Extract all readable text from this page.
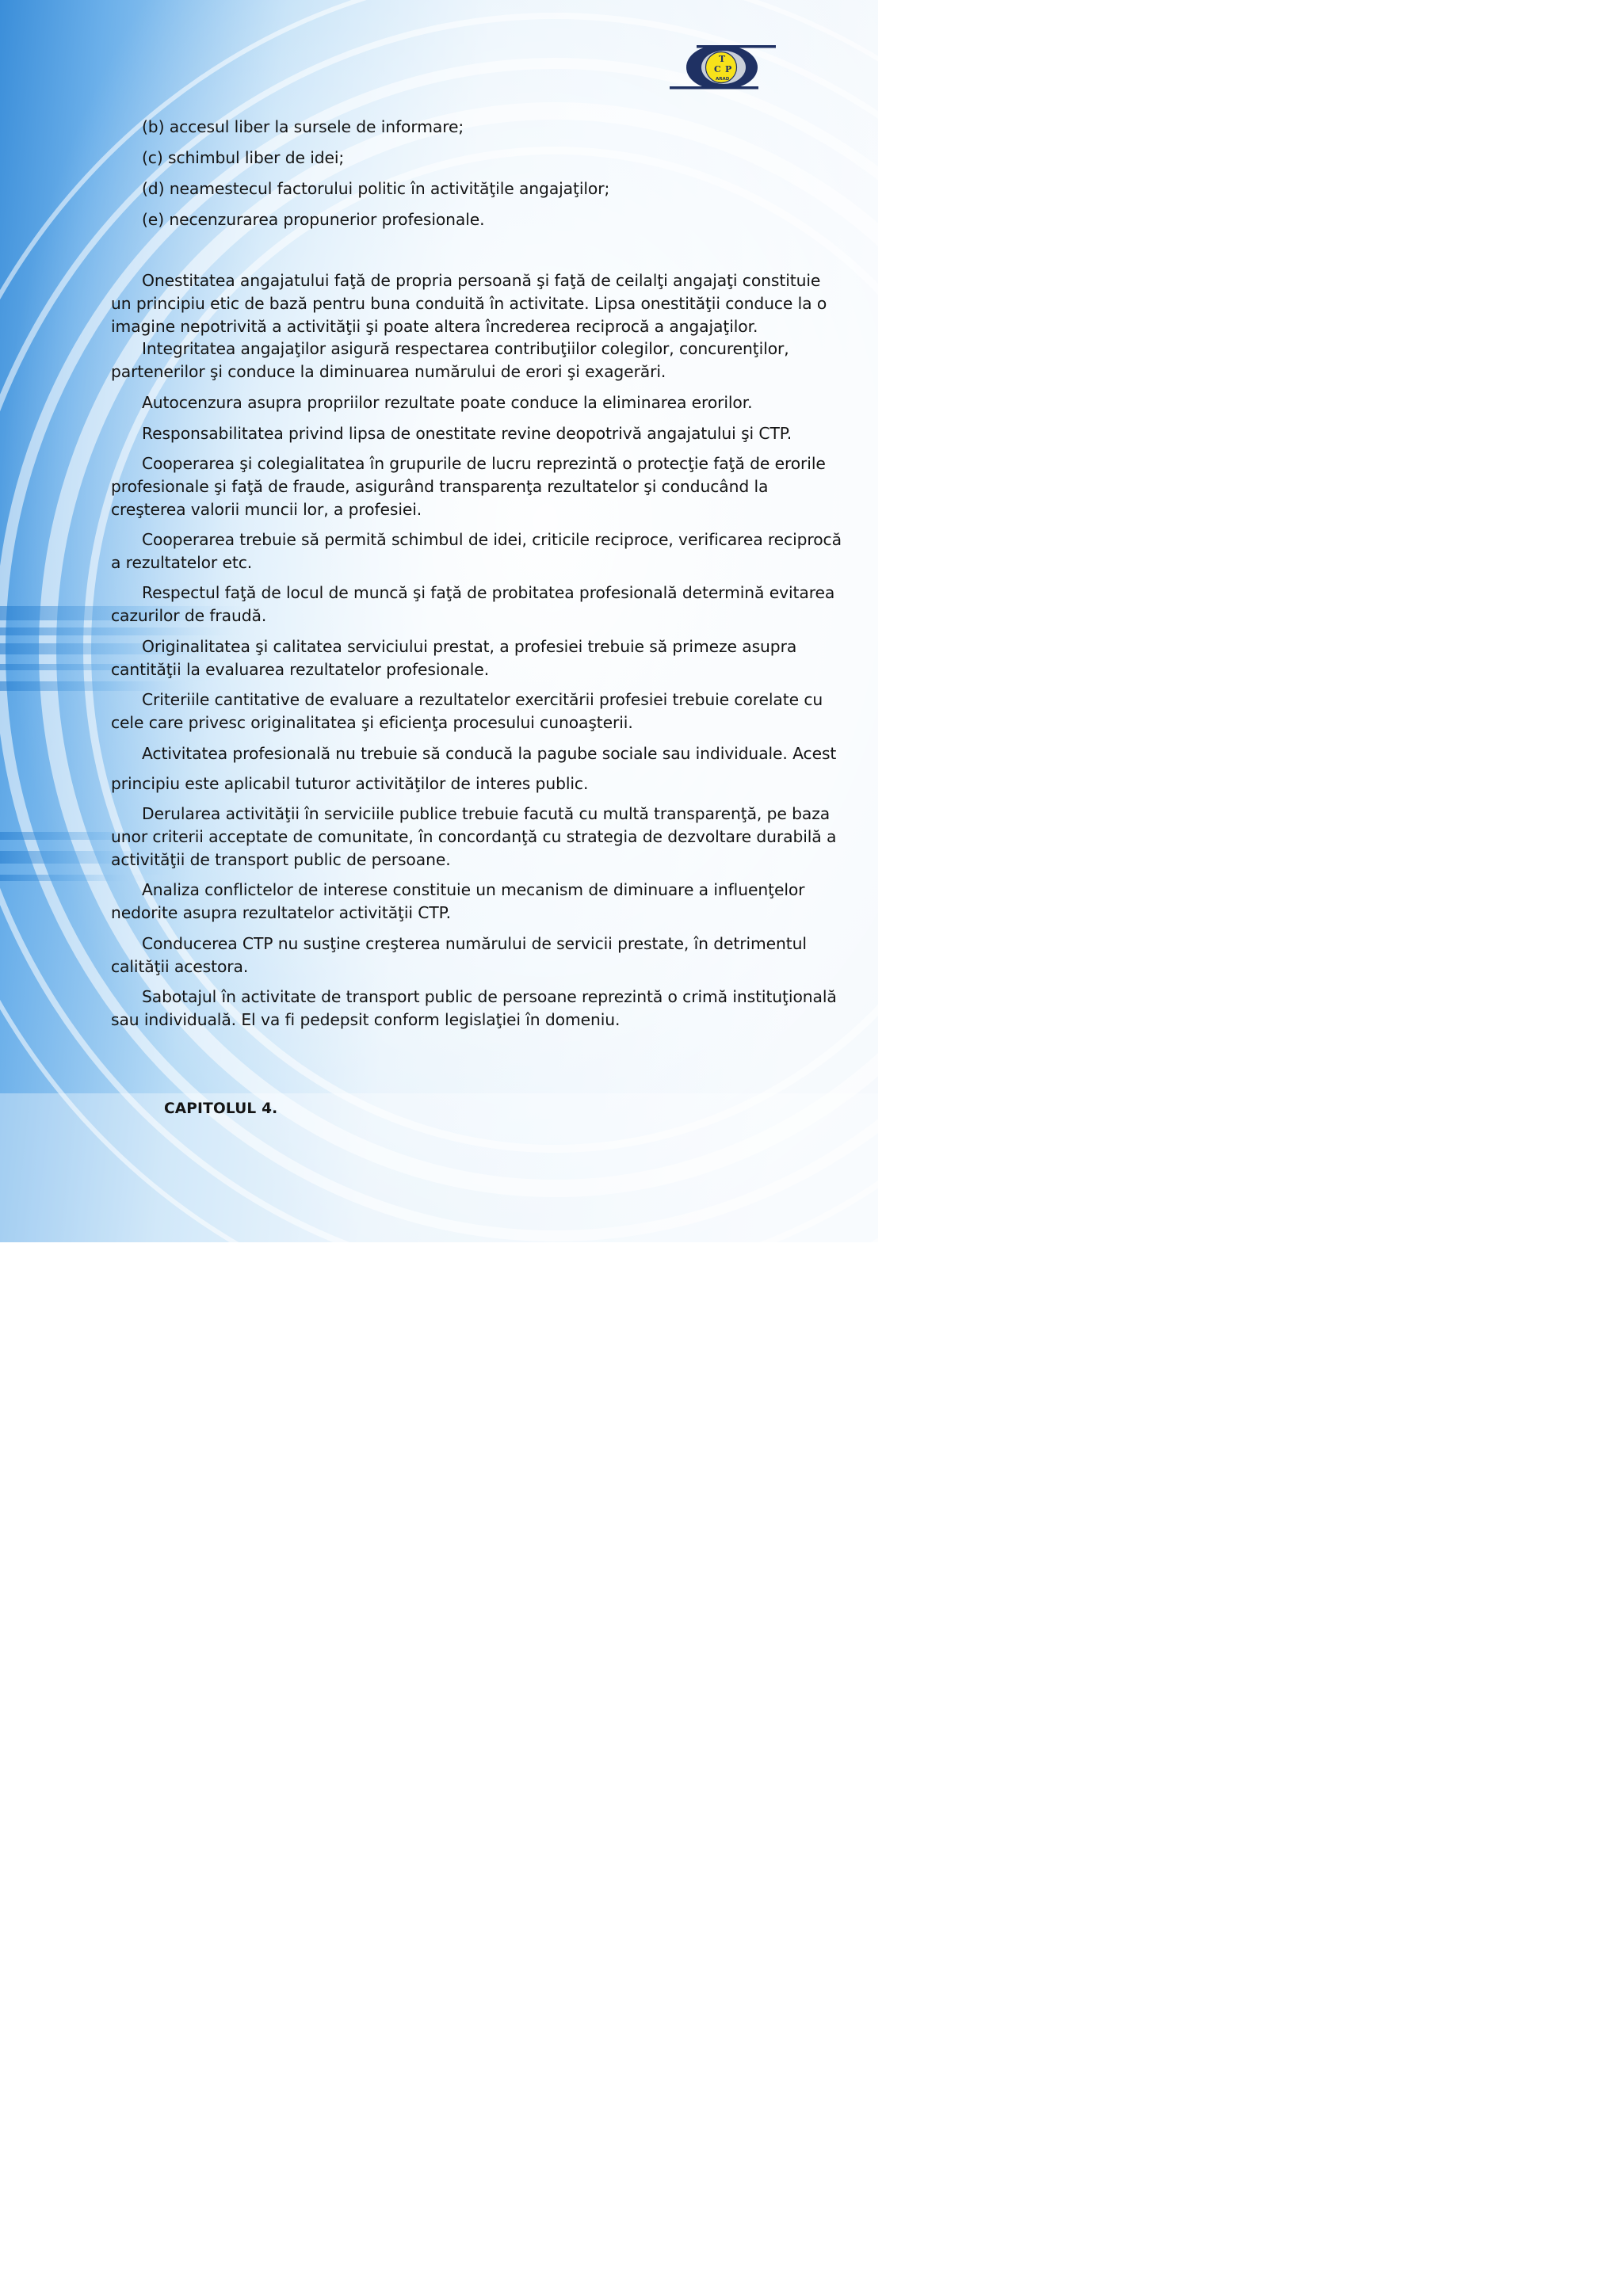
C
T
P
ARAD
(b) accesul liber la sursele de informare;
(c) schimbul liber de idei;
(d) neamestecul factorului politic în activităţile angajaţilor;
(e) necenzurarea propunerior profesionale.
Onestitatea angajatului faţă de propria persoană şi faţă de ceilalţi angajaţi constituie
un principiu etic de bază pentru buna conduită în activitate. Lipsa onestităţii conduce la o
imagine nepotrivită a activităţii şi poate altera încrederea reciprocă a angajaţilor.
Integritatea angajaţilor asigură respectarea contribuţiilor colegilor, concurenţilor,
partenerilor şi conduce la diminuarea numărului de erori şi exagerări.
Autocenzura asupra propriilor rezultate poate conduce la eliminarea erorilor.
Responsabilitatea privind lipsa de onestitate revine deopotrivă angajatului şi CTP.
Cooperarea şi colegialitatea în grupurile de lucru reprezintă o protecţie faţă de erorile
profesionale şi faţă de fraude, asigurând transparenţa rezultatelor şi conducând la
creşterea valorii muncii lor, a profesiei.
Cooperarea trebuie să permită schimbul de idei, criticile reciproce, verificarea reciprocă
a rezultatelor etc.
Respectul faţă de locul de muncă şi faţă de probitatea profesională determină evitarea
cazurilor de fraudă.
Originalitatea şi calitatea serviciului prestat, a profesiei trebuie să primeze asupra
cantităţii la evaluarea rezultatelor profesionale.
Criteriile cantitative de evaluare a rezultatelor exercitării profesiei trebuie corelate cu
cele care privesc originalitatea şi eficienţa procesului cunoaşterii.
Activitatea profesională nu trebuie să conducă la pagube sociale sau individuale. Acest
principiu este aplicabil tuturor activităţilor de interes public.
Derularea activităţii în serviciile publice trebuie facută cu multă transparenţă, pe baza
unor criterii acceptate de comunitate, în concordanţă cu strategia de dezvoltare durabilă a
activităţii de transport public de persoane.
Analiza conflictelor de interese constituie un mecanism de diminuare a influenţelor
nedorite asupra rezultatelor activităţii CTP.
Conducerea CTP nu susţine creşterea numărului de servicii prestate, în detrimentul
calităţii acestora.
Sabotajul în activitate de transport public de persoane reprezintă o crimă instituţională
sau individuală. El va fi pedepsit conform legislaţiei în domeniu.
CAPITOLUL 4.
